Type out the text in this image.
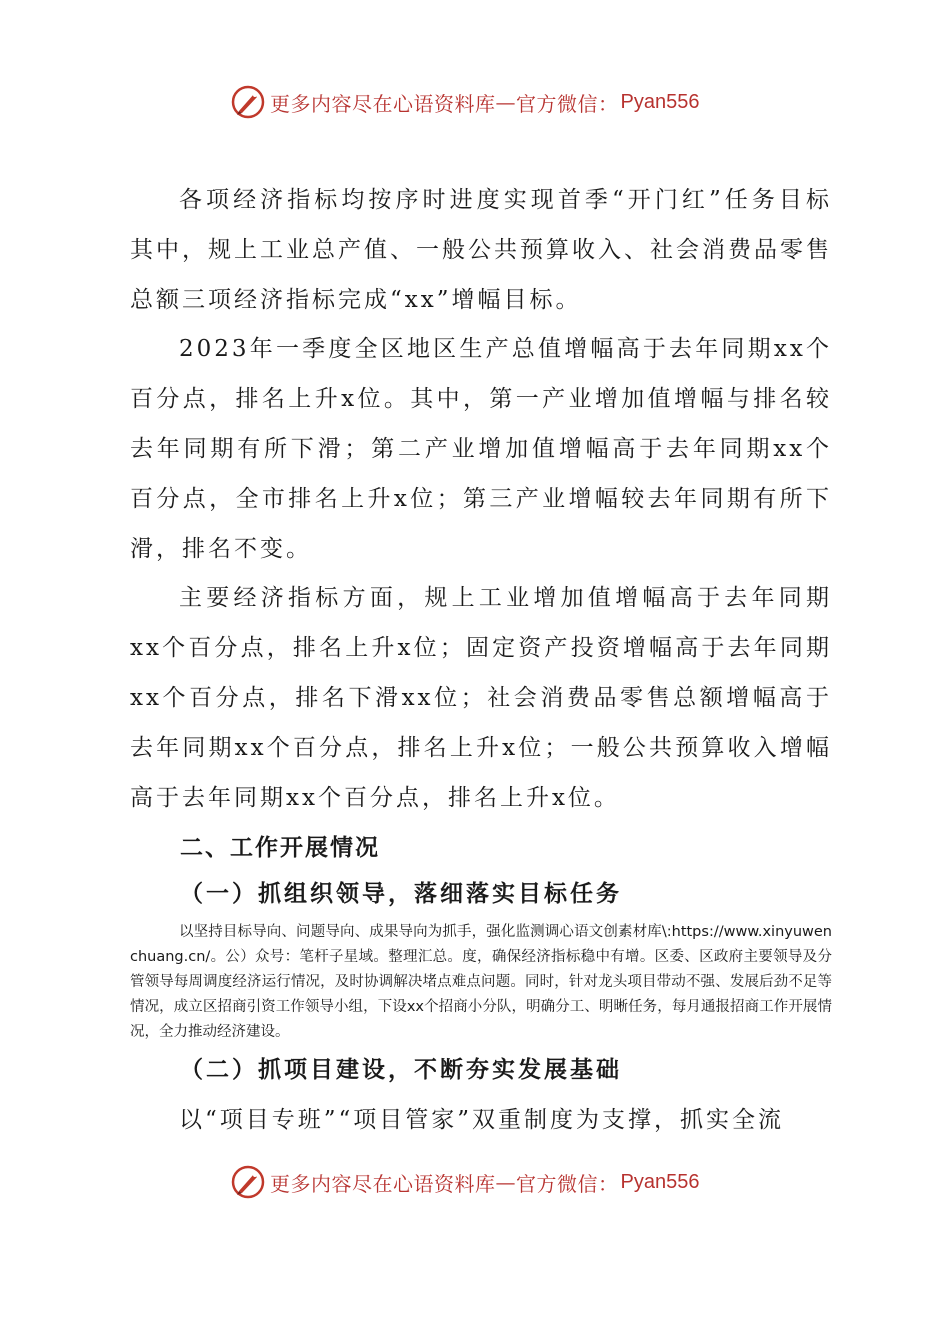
更多内容尽在心语资料库 — 官方微信： Pyan556

各项经济指标均按序时进度实现首季“开门红”任务目标其中，规上工业总产值、一般公共预算收入、社会消费品零售总额三项经济指标完成“xx”增幅目标。

2023年一季度全区地区生产总值增幅高于去年同期xx个百分点，排名上升x位。其中，第一产业增加值增幅与排名较去年同期有所下滑；第二产业增加值增幅高于去年同期xx个百分点，全市排名上升x位；第三产业增幅较去年同期有所下滑，排名不变。

主要经济指标方面，规上工业增加值增幅高于去年同期xx个百分点，排名上升x位；固定资产投资增幅高于去年同期xx个百分点，排名下滑xx位；社会消费品零售总额增幅高于去年同期xx个百分点，排名上升x位；一般公共预算收入增幅高于去年同期xx个百分点，排名上升x位。

二、工作开展情况
（一）抓组织领导，落细落实目标任务

以坚持目标导向、问题导向、成果导向为抓手，强化监测调心语文创素材库\:https://www.xinyuwenchuang.cn/。公）众号：笔杆子星域。整理汇总。度，确保经济指标稳中有增。区委、区政府主要领导及分管领导每周调度经济运行情况，及时协调解决堵点难点问题。同时，针对龙头项目带动不强、发展后劲不足等情况，成立区招商引资工作领导小组，下设xx个招商小分队，明确分工、明晰任务，每月通报招商工作开展情况，全力推动经济建设。

（二）抓项目建设，不断夯实发展基础

以“项目专班”“项目管家”双重制度为支撑，抓实全流

更多内容尽在心语资料库 — 官方微信： Pyan556
